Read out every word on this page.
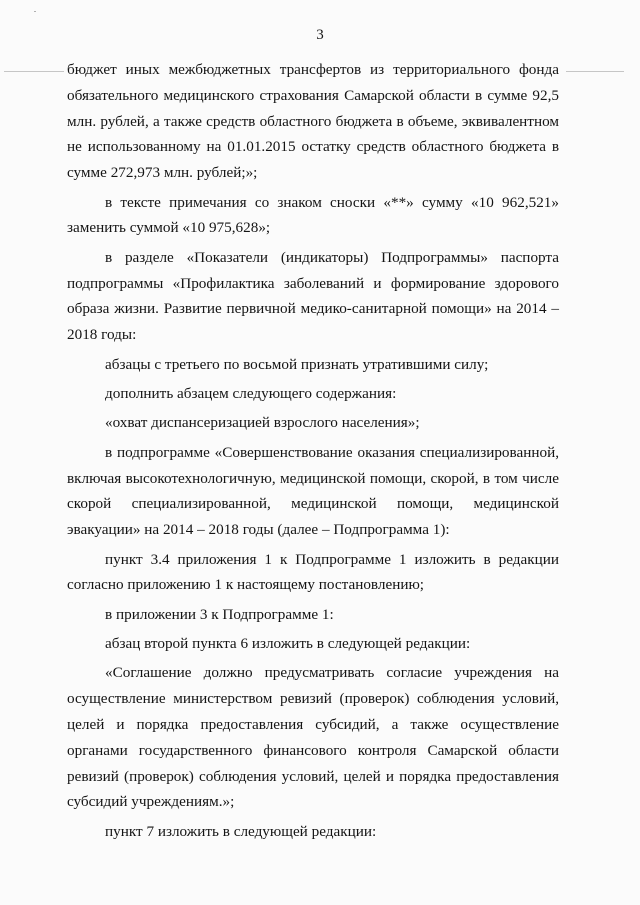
3

бюджет иных межбюджетных трансфертов из территориального фонда обязательного медицинского страхования Самарской области в сумме 92,5 млн. рублей, а также средств областного бюджета в объеме, эквивалентном не использованному на 01.01.2015 остатку средств областного бюджета в сумме 272,973 млн. рублей;»;

в тексте примечания со знаком сноски «**» сумму «10 962,521» заменить суммой «10 975,628»;

в разделе «Показатели (индикаторы) Подпрограммы» паспорта подпрограммы «Профилактика заболеваний и формирование здорового образа жизни. Развитие первичной медико-санитарной помощи» на 2014 – 2018 годы:

абзацы с третьего по восьмой признать утратившими силу;

дополнить абзацем следующего содержания:

«охват диспансеризацией взрослого населения»;

в подпрограмме «Совершенствование оказания специализированной, включая высокотехнологичную, медицинской помощи, скорой, в том числе скорой специализированной, медицинской помощи, медицинской эвакуации» на 2014 – 2018 годы (далее – Подпрограмма 1):

пункт 3.4 приложения 1 к Подпрограмме 1 изложить в редакции согласно приложению 1 к настоящему постановлению;

в приложении 3 к Подпрограмме 1:

абзац второй пункта 6 изложить в следующей редакции:

«Соглашение должно предусматривать согласие учреждения на осуществление министерством ревизий (проверок) соблюдения условий, целей и порядка предоставления субсидий, а также осуществление органами государственного финансового контроля Самарской области ревизий (проверок) соблюдения условий, целей и порядка предоставления субсидий учреждениям.»;

пункт 7 изложить в следующей редакции:
